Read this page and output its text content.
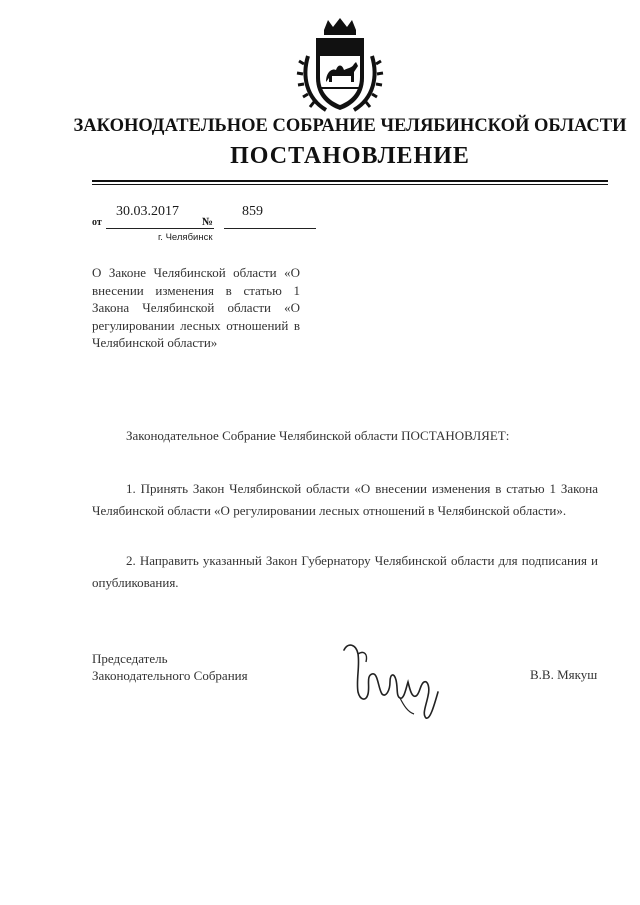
ЗАКОНОДАТЕЛЬНОЕ СОБРАНИЕ ЧЕЛЯБИНСКОЙ ОБЛАСТИ
ПОСТАНОВЛЕНИЕ
от
30.03.2017
№
859
г. Челябинск
О Законе Челябинской области «О внесении изменения в статью 1 Закона Челябинской области «О регулировании лесных отношений в Челябинской области»
Законодательное Собрание Челябинской области ПОСТАНОВЛЯЕТ:
1. Принять Закон Челябинской области «О внесении изменения в статью 1 Закона Челябинской области «О регулировании лесных отношений в Челябинской области».
2. Направить указанный Закон Губернатору Челябинской области для подписания и опубликования.
Председатель
Законодательного Собрания	В.В. Мякуш
